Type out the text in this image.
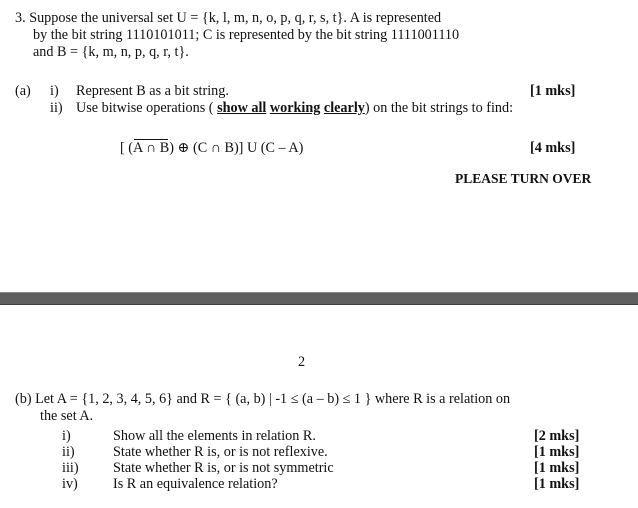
3. Suppose the universal set U = {k, l, m, n, o, p, q, r, s, t}. A is represented
by the bit string 1110101011; C is represented by the bit string 1111001110
and B = {k, m, n, p, q, r, t}.
(a) i) Represent B as a bit string.	[1 mks]
ii) Use bitwise operations ( show all working clearly) on the bit strings to find:
[ (A ∩ B) ⊕ (C ∩ B)] U (C – A)	[4 mks]
PLEASE TURN OVER
2
(b) Let A = {1, 2, 3, 4, 5, 6} and R = { (a, b) | -1 ≤ (a – b) ≤ 1 } where R is a relation on
the set A.
i)	Show all the elements in relation R.	[2 mks]
ii)	State whether R is, or is not reflexive.	[1 mks]
iii) State whether R is, or is not symmetric	[1 mks]
iv) Is R an equivalence relation?	[1 mks]
